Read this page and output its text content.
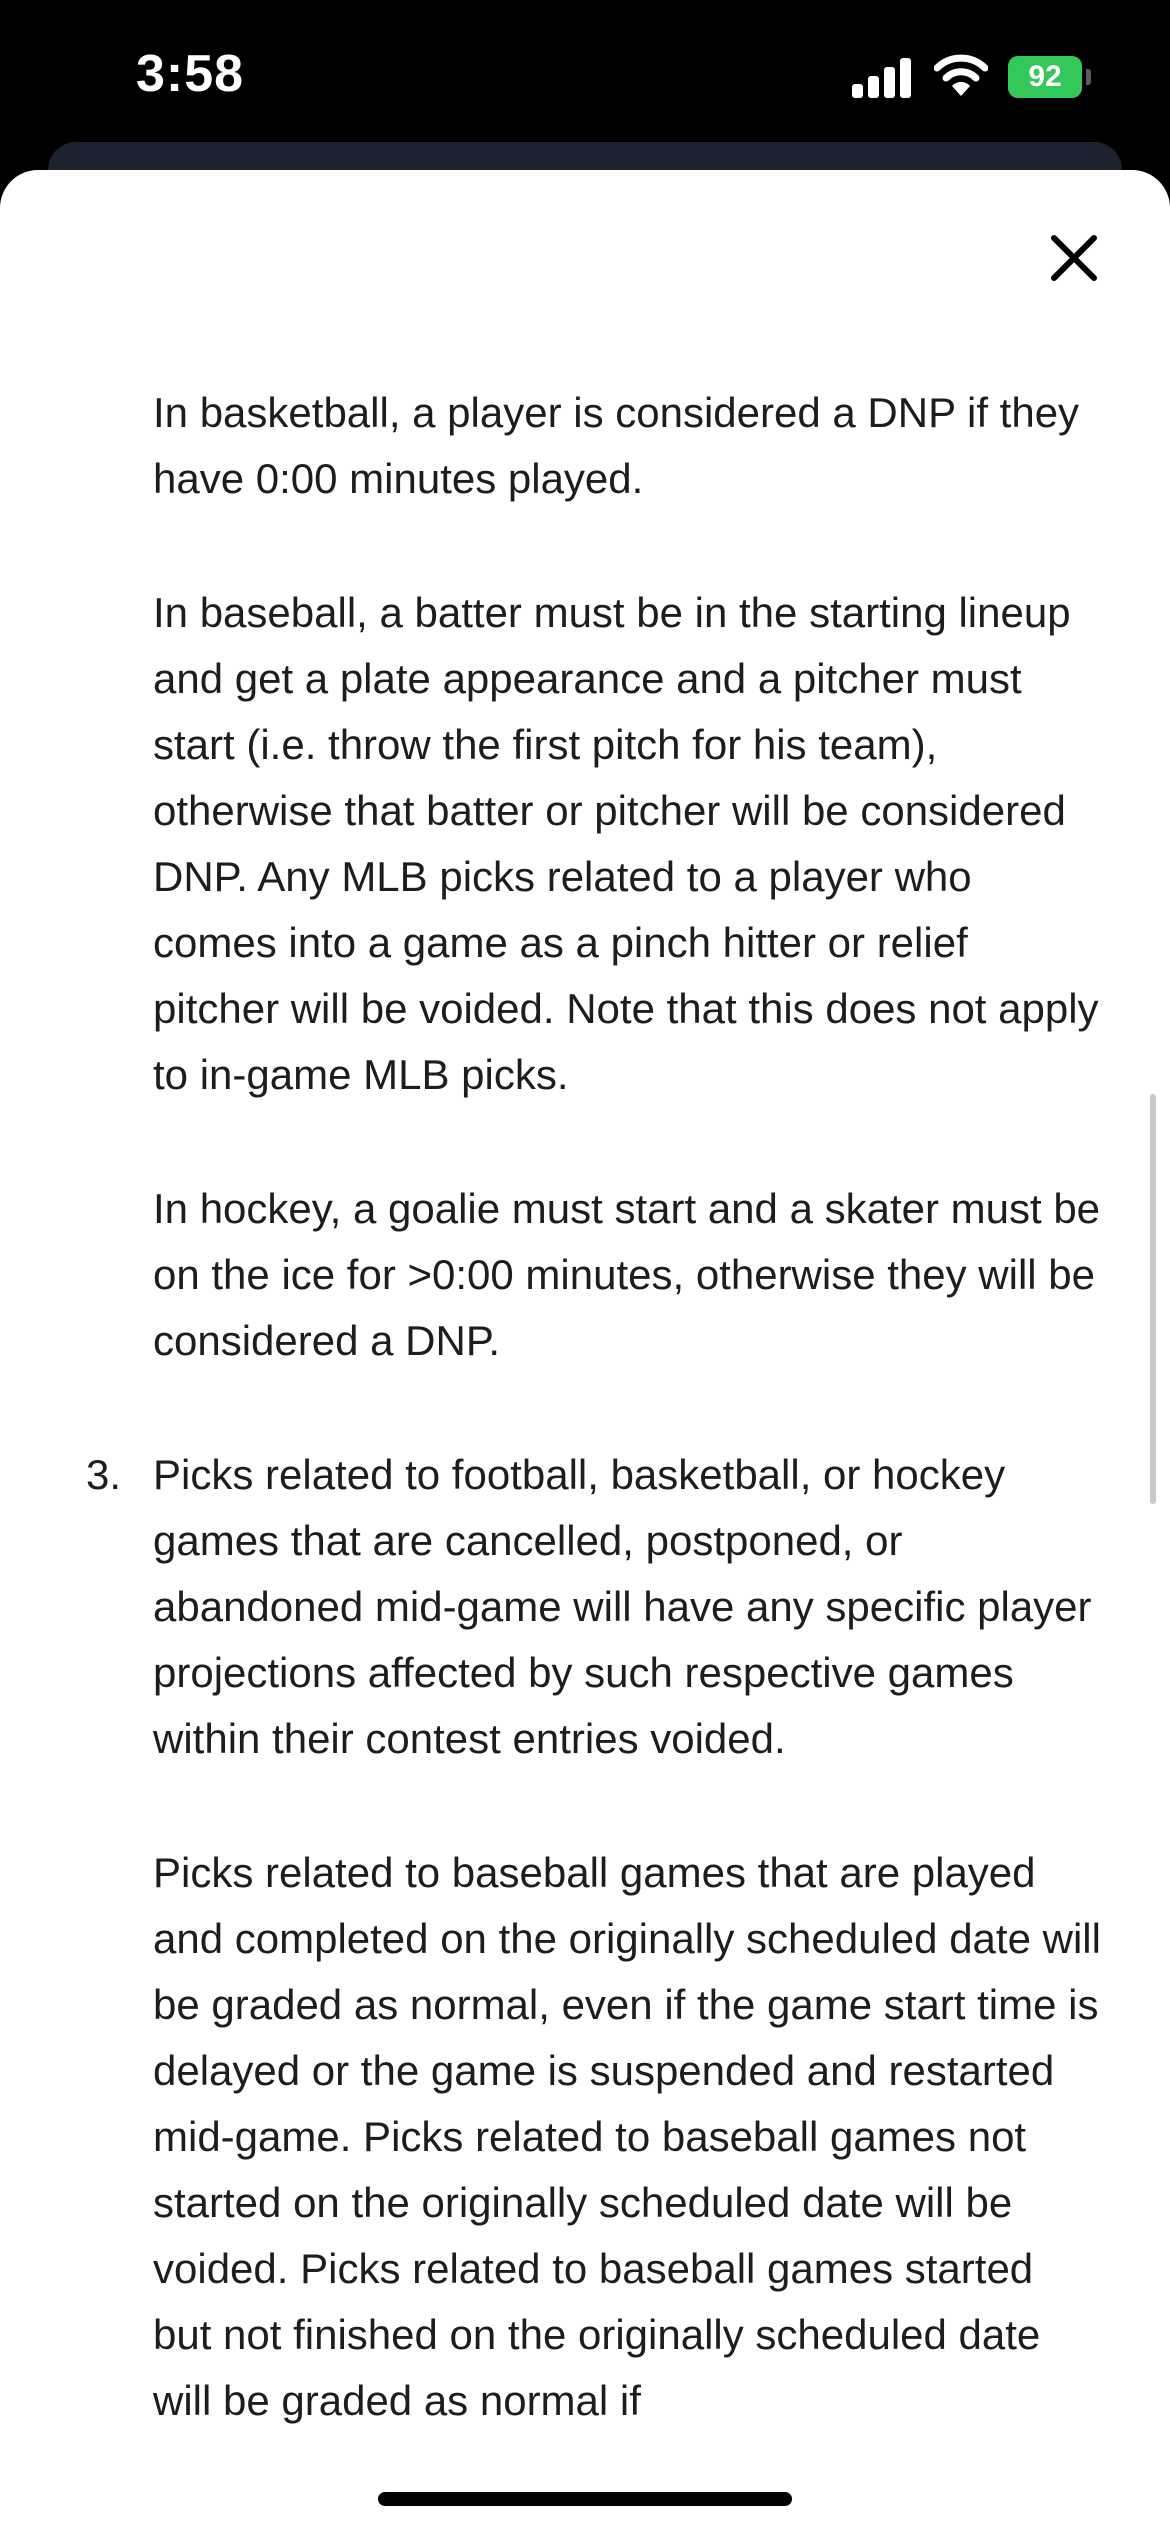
3:58	92
In basketball, a player is considered a DNP if they have 0:00 minutes played.
In baseball, a batter must be in the starting lineup and get a plate appearance and a pitcher must start (i.e. throw the first pitch for his team), otherwise that batter or pitcher will be considered DNP. Any MLB picks related to a player who comes into a game as a pinch hitter or relief pitcher will be voided. Note that this does not apply to in-game MLB picks.
In hockey, a goalie must start and a skater must be on the ice for >0:00 minutes, otherwise they will be considered a DNP.
3. Picks related to football, basketball, or hockey games that are cancelled, postponed, or abandoned mid-game will have any specific player projections affected by such respective games within their contest entries voided.
Picks related to baseball games that are played and completed on the originally scheduled date will be graded as normal, even if the game start time is delayed or the game is suspended and restarted mid-game. Picks related to baseball games not started on the originally scheduled date will be voided. Picks related to baseball games started but not finished on the originally scheduled date will be graded as normal if
